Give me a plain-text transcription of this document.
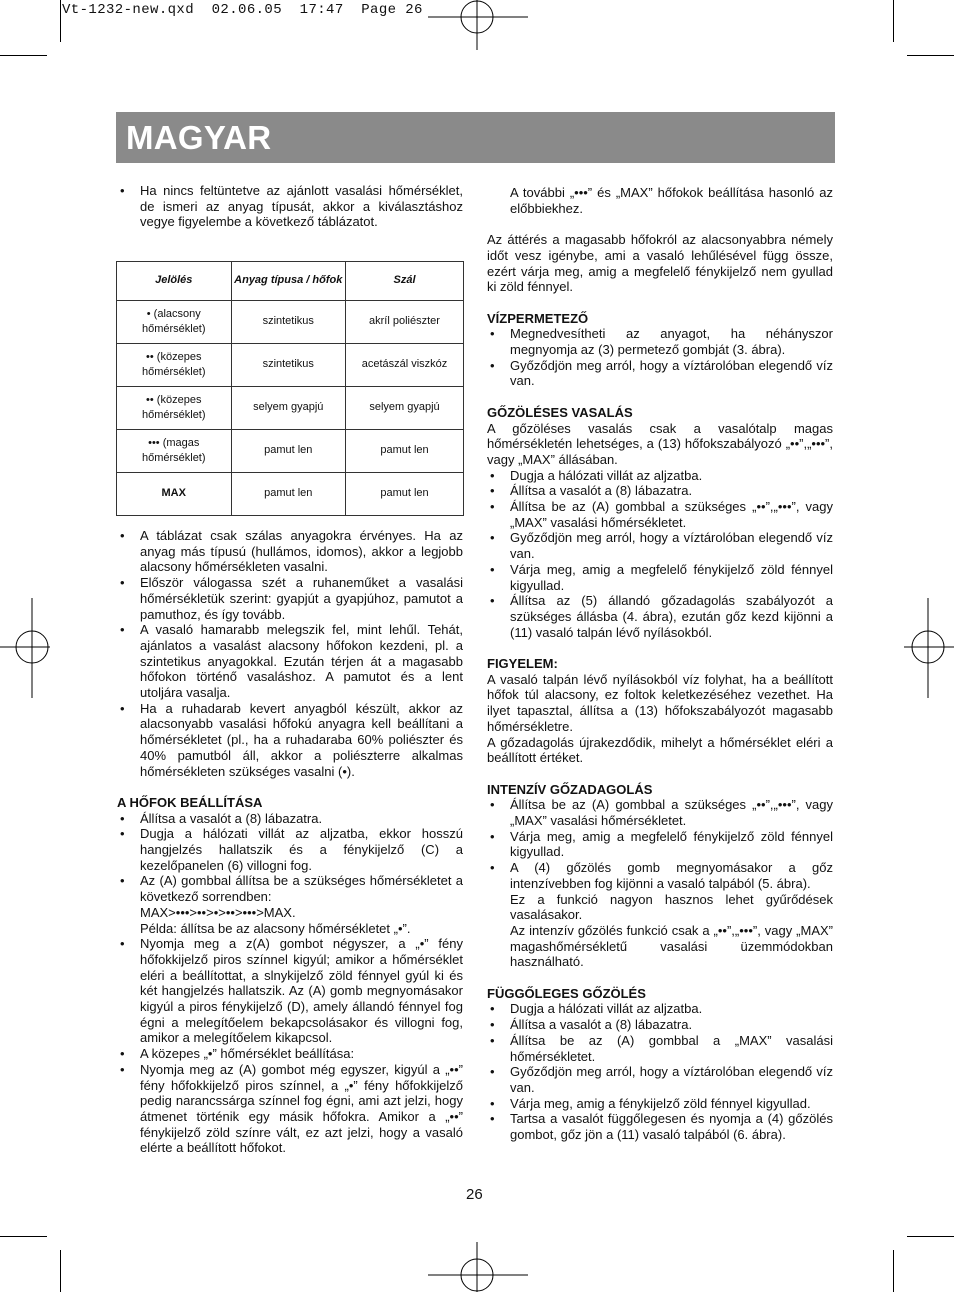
Vt-1232-new.qxd  02.06.05  17:47  Page 26
MAGYAR
• Ha nincs feltüntetve az ajánlott vasalási hőmérséklet, de ismeri az anyag típusát, akkor a kiválasztáshoz vegye figyelembe a következő táblázatot.
Jelölés	Anyag típusa / hőfok	Szál
• (alacsony hőmérséklet)	szintetikus	akríl poliészter
•• (közepes hőmérséklet)	szintetikus	acetászál viszkóz
•• (közepes hőmérséklet)	selyem gyapjú	selyem gyapjú
••• (magas hőmérséklet)	pamut len	pamut len
MAX	pamut len	pamut len
• A táblázat csak szálas anyagokra érvényes. Ha az anyag más típusú (hullámos, idomos), akkor a legjobb alacsony hőmérsékleten vasalni.
• Először válogassa szét a ruhaneműket a vasalási hőmérsékletük szerint: gyapjút a gyapjúhoz, pamutot a pamuthoz, és így tovább.
• A vasaló hamarabb melegszik fel, mint lehűl. Tehát, ajánlatos a vasalást alacsony hőfokon kezdeni, pl. a szintetikus anyagokkal. Ezután térjen át a magasabb hőfokon történő vasaláshoz. A pamutot és a lent utoljára vasalja.
• Ha a ruhadarab kevert anyagból készült, akkor az alacsonyabb vasalási hőfokú anyagra kell beállítani a hőmérsékletet (pl., ha a ruhadaraba 60% poliészter és 40% pamutból áll, akkor a poliészterre alkalmas hőmérsékleten szükséges vasalni (•).

A HŐFOK BEÁLLÍTÁSA

• Állítsa a vasalót a (8) lábazatra.
• Dugja a hálózati villát az aljzatba, ekkor hosszú hangjelzés hallatszik és a fénykijelző (C) a kezelőpanelen (6) villogni fog.
• Az (A) gombbal állítsa be a szükséges hőmérsékletet a következő sorrendben:
MAX>•••>••>•>••>•••>MAX.
Példa: állítsa be az alacsony hőmérsékletet „•”.
• Nyomja meg a z(A) gombot négyszer, a „•” fény hőfokkijelző piros színnel kigyúl; amikor a hőmérséklet eléri a beállítottat, a slnykijelző zöld fénnyel gyúl ki és két hangjelzés hallatszik. Az (A) gomb megnyomásakor kigyúl a piros fénykijelző (D), amely állandó fénnyel fog égni a melegítőelem bekapcsolásakor és villogni fog, amikor a melegítőelem kikapcsol.
• A közepes „•” hőmérséklet beállítása:
• Nyomja meg az (A) gombot még egyszer, kigyúl a „••” fény hőfokkijelző piros színnel, a „•” fény hőfokkijelző pedig narancssárga színnel fog égni, ami azt jelzi, hogy átmenet történik egy másik hőfokra. Amikor a „••” fénykijelző zöld színre vált, ez azt jelzi, hogy a vasaló elérte a beállított hőfokot.
A további „•••” és „MAX” hőfokok beállítása hasonló az előbbiekhez.

Az áttérés a magasabb hőfokról az alacsonyabbra némely időt vesz igénybe, ami a vasaló lehűlésével függ össze, ezért várja meg, amig a megfelelő fénykijelző nem gyullad ki zöld fénnyel.

VÍZPERMETEZŐ

• Megnedvesítheti az anyagot, ha néhányszor megnyomja az (3) permetező gombját (3. ábra).
• Győződjön meg arról, hogy a víztárolóban elegendő víz van.

GŐZÖLÉSES VASALÁS

A gőzöléses vasalás csak a vasalótalp magas hőmérsékletén lehetséges, a (13) hőfokszabályozó „••”,„•••”, vagy „MAX” állásában.

• Dugja a hálózati villát az aljzatba.
• Állítsa a vasalót a (8) lábazatra.
• Állítsa be az (A) gombbal a szükséges „••”,„•••”, vagy „MAX” vasalási hőmérsékletet.
• Győződjön meg arról, hogy a víztárolóban elegendő víz van.
• Várja meg, amig a megfelelő fénykijelző zöld fénnyel kigyullad.
• Állítsa az (5) állandó gőzadagolás szabályozót a szükséges állásba (4. ábra), ezután gőz kezd kijönni a (11) vasaló talpán lévő nyílásokból.

FIGYELEM:

A vasaló talpán lévő nyílásokból víz folyhat, ha a beállított hőfok túl alacsony, ez foltok keletkezéséhez vezethet. Ha ilyet tapasztal, állítsa a (13) hőfokszabályozót magasabb hőmérsékletre.

A gőzadagolás újrakezdődik, mihelyt a hőmérséklet eléri a beállított értéket.

INTENZÍV GŐZADAGOLÁS

• Állítsa be az (A) gombbal a szükséges „••”,„•••”, vagy „MAX” vasalási hőmérsékletet.
• Várja meg, amig a megfelelő fénykijelző zöld fénnyel kigyullad.
• A (4) gőzölés gomb megnyomásakor a gőz intenzívebben fog kijönni a vasaló talpából (5. ábra).
Ez a funkció nagyon hasznos lehet gyűrődések vasalásakor.
Az intenzív gőzölés funkció csak a „••”,„•••”, vagy „MAX” magashőmérsékletű vasalási üzemmódokban használható.

FÜGGŐLEGES GŐZÖLÉS

• Dugja a hálózati villát az aljzatba.
• Állítsa a vasalót a (8) lábazatra.
• Állítsa be az (A) gombbal a „MAX” vasalási hőmérsékletet.
• Győződjön meg arról, hogy a víztárolóban elegendő víz van.
• Várja meg, amig a fénykijelző zöld fénnyel kigyullad.
• Tartsa a vasalót függőlegesen és nyomja a (4) gőzölés gombot, gőz jön a (11) vasaló talpából (6. ábra).
26
